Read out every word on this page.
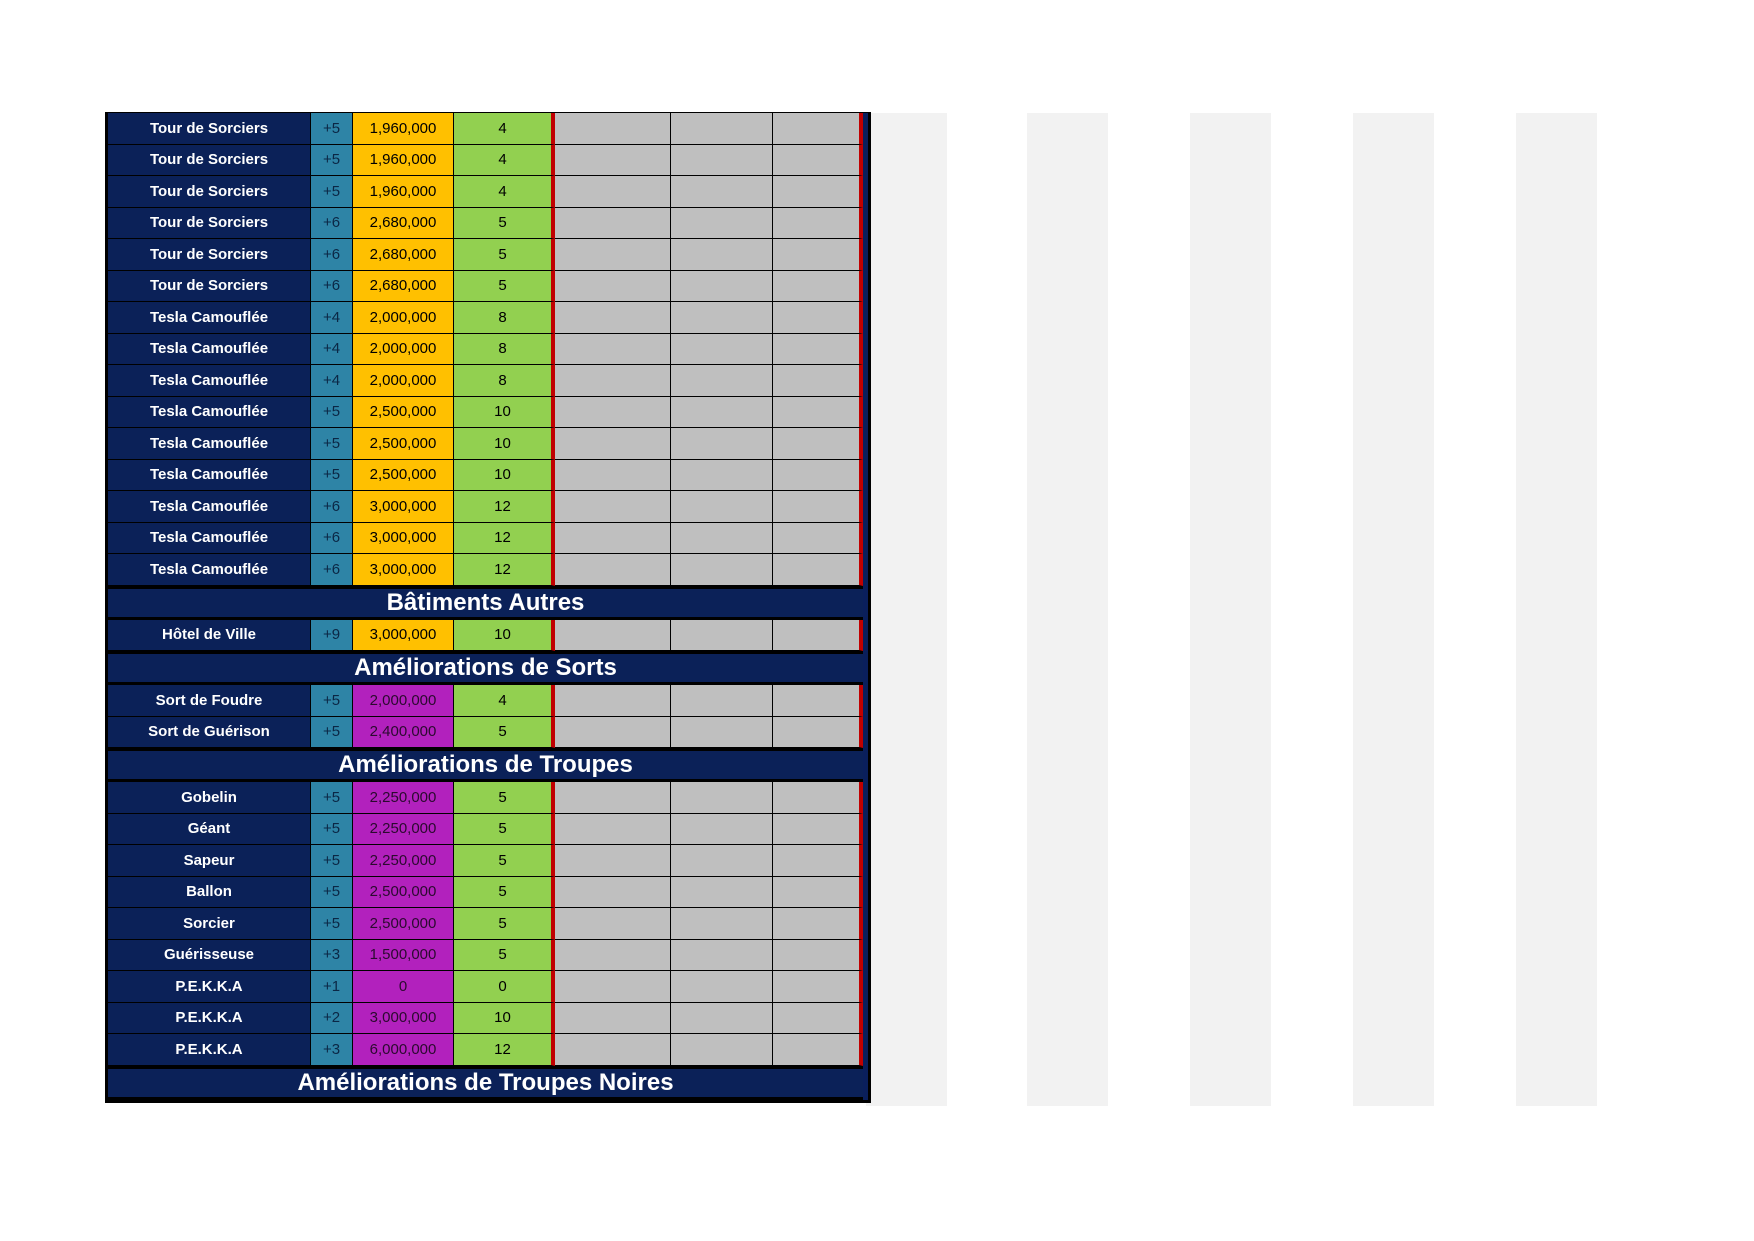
Tour de Sorciers	+5	1,960,000	4
Tour de Sorciers	+5	1,960,000	4
Tour de Sorciers	+5	1,960,000	4
Tour de Sorciers	+6	2,680,000	5
Tour de Sorciers	+6	2,680,000	5
Tour de Sorciers	+6	2,680,000	5
Tesla Camouflée	+4	2,000,000	8
Tesla Camouflée	+4	2,000,000	8
Tesla Camouflée	+4	2,000,000	8
Tesla Camouflée	+5	2,500,000	10
Tesla Camouflée	+5	2,500,000	10
Tesla Camouflée	+5	2,500,000	10
Tesla Camouflée	+6	3,000,000	12
Tesla Camouflée	+6	3,000,000	12
Tesla Camouflée	+6	3,000,000	12
Bâtiments Autres
Hôtel de Ville	+9	3,000,000	10
Améliorations de Sorts
Sort de Foudre	+5	2,000,000	4
Sort de Guérison	+5	2,400,000	5
Améliorations de Troupes
Gobelin	+5	2,250,000	5
Géant	+5	2,250,000	5
Sapeur	+5	2,250,000	5
Ballon	+5	2,500,000	5
Sorcier	+5	2,500,000	5
Guérisseuse	+3	1,500,000	5
P.E.K.K.A	+1	0	0
P.E.K.K.A	+2	3,000,000	10
P.E.K.K.A	+3	6,000,000	12
Améliorations de Troupes Noires
